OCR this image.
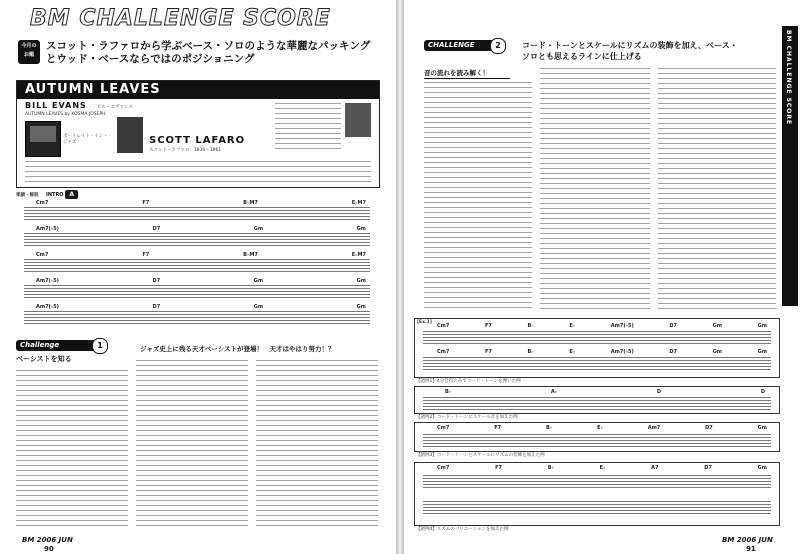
BM CHALLENGE SCORE
今月の
お題
スコット・ラファロから学ぶベース・ソロのような華麗なパッキングとウッド・ベースならではのポジショニング
AUTUMN LEAVES
BILL EVANS ビル・エヴァンス
AUTUMN LEAVES by KOSMA JOSEPH
ポートレイト・イン・ジャズ	SCOTT LAFARO
スコット・ラファロ　1936〜1961
楽譜・解説 INTRO A
Cm7	F7	B♭M7	E♭M7
Am7(♭5)	D7	Gm	Gm
Cm7	F7	B♭M7	E♭M7
Am7(♭5)	D7	Gm	Gm
Am7(♭5)	D7	Gm	Gm
Challenge	1
ベーシストを知る
ジャズ史上に残る天才ベーシストが登場！　天才はやはり努力！？
BM 2006 JUN
90
CHALLENGE	2	コード・トーンとスケールにリズムの装飾を加え、ベース・ソロとも思えるラインに仕上げる	BM CHALLENGE SCORE
音の流れを読み解く！
[Ex.1]
Cm7	F7	B♭	E♭	Am7(♭5)	D7	Gm	Gm
Cm7	F7	B♭	E♭	Am7(♭5)	D7	Gm	Gm
【譜例1】4分音符のみでコード・トーンを弾いた例
B♭	A♭	D	D
【譜例2】コード・トーンにスケール音を加えた例
Cm7	F7	B♭	E♭	Am7	D7	Gm
【譜例3】コード・トーンとスケールにリズムの装飾を加えた例
Cm7	F7	B♭	E♭	A7	D7	Gm
【譜例4】リズムのバリエーションを加えた例
BM 2006 JUN
91
